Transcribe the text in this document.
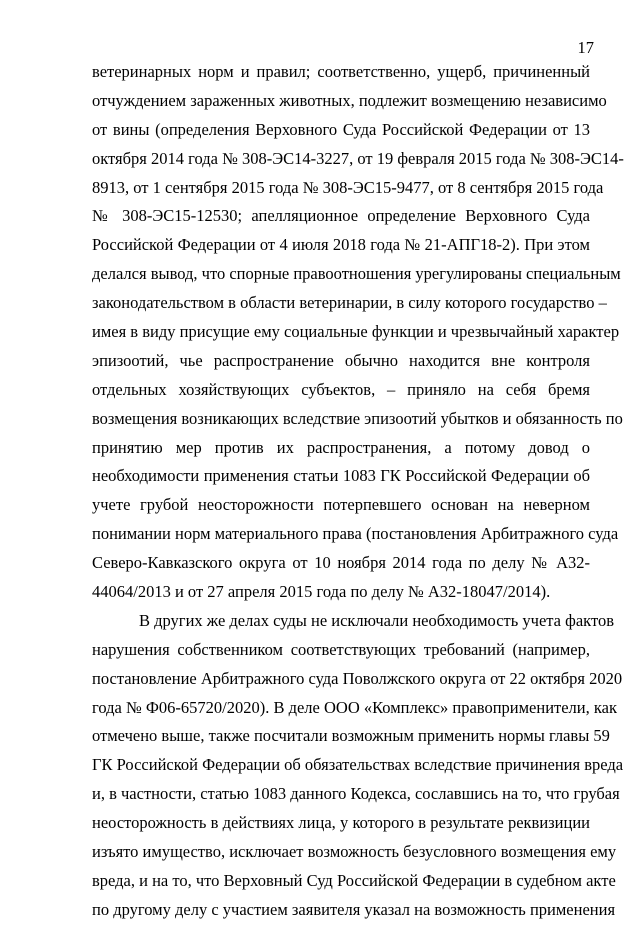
17
ветеринарных норм и правил; соответственно, ущерб, причиненный
отчуждением зараженных животных, подлежит возмещению независимо
от вины (определения Верховного Суда Российской Федерации от 13
октября 2014 года № 308-ЭС14-3227, от 19 февраля 2015 года № 308-ЭС14-
8913, от 1 сентября 2015 года № 308-ЭС15-9477, от 8 сентября 2015 года
№ 308-ЭС15-12530; апелляционное определение Верховного Суда
Российской Федерации от 4 июля 2018 года № 21-АПГ18-2). При этом
делался вывод, что спорные правоотношения урегулированы специальным
законодательством в области ветеринарии, в силу которого государство –
имея в виду присущие ему социальные функции и чрезвычайный характер
эпизоотий, чье распространение обычно находится вне контроля
отдельных хозяйствующих субъектов, – приняло на себя бремя
возмещения возникающих вследствие эпизоотий убытков и обязанность по
принятию мер против их распространения, а потому довод о
необходимости применения статьи 1083 ГК Российской Федерации об
учете грубой неосторожности потерпевшего основан на неверном
понимании норм материального права (постановления Арбитражного суда
Северо-Кавказского округа от 10 ноября 2014 года по делу № А32-
44064/2013 и от 27 апреля 2015 года по делу № А32-18047/2014).
В других же делах суды не исключали необходимость учета фактов
нарушения собственником соответствующих требований (например,
постановление Арбитражного суда Поволжского округа от 22 октября 2020
года № Ф06-65720/2020). В деле ООО «Комплекс» правоприменители, как
отмечено выше, также посчитали возможным применить нормы главы 59
ГК Российской Федерации об обязательствах вследствие причинения вреда
и, в частности, статью 1083 данного Кодекса, сославшись на то, что грубая
неосторожность в действиях лица, у которого в результате реквизиции
изъято имущество, исключает возможность безусловного возмещения ему
вреда, и на то, что Верховный Суд Российской Федерации в судебном акте
по другому делу с участием заявителя указал на возможность применения
